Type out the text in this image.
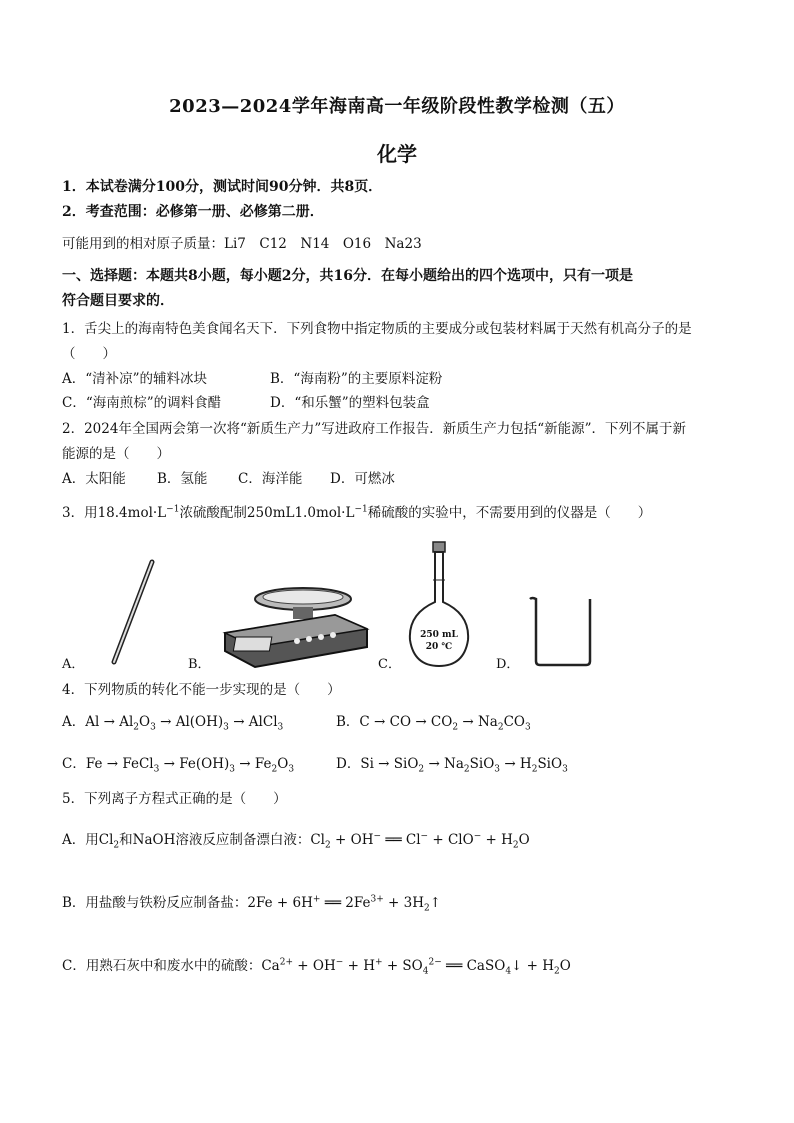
2023—2024学年海南高一年级阶段性教学检测（五）
化学
1．本试卷满分100分，测试时间90分钟．共8页．
2．考查范围：必修第一册、必修第二册．
可能用到的相对原子质量：Li7　C12　N14　O16　Na23
一、选择题：本题共8小题，每小题2分，共16分．在每小题给出的四个选项中，只有一项是
符合题目要求的．
1．舌尖上的海南特色美食闻名天下．下列食物中指定物质的主要成分或包装材料属于天然有机高分子的是
（　　）
A．“清补凉”的辅料冰块	B．“海南粉”的主要原料淀粉
C．“海南煎棕”的调料食醋	D．“和乐蟹”的塑料包装盒
2．2024年全国两会第一次将“新质生产力”写进政府工作报告．新质生产力包括“新能源”．下列不属于新
能源的是（　　）
A．太阳能 B．氢能 C．海洋能 D．可燃冰
3．用$18.4mol\cdot L^{-1}$浓硫酸配制$250mL1.0mol\cdot L^{-1}$稀硫酸的实验中，不需要用到的仪器是（　　）
A．	B．
250 mL
20 ℃
C．	D．
4．下列物质的转化不能一步实现的是（　　）
A．$Al \to Al_2O_3 \to Al(OH)_3$ → AlCl$_3$	B．C → CO → $CO_2 \to Na_2CO_3$
C．Fe → FeCl$_3$ → $Fe(OH)_3 \to Fe_2O_3$	D．$Si \to SiO_2 \to Na_2SiO_3 \to H_2SiO_3$
5．下列离子方程式正确的是（　　）
A．用$Cl_2$和NaOH溶液反应制备漂白液：$Cl_2 + OH^-$ ══ $Cl^- + ClO^- + H_2O$
B．用盐酸与铁粉反应制备盐：2Fe + 6H+ ══ $2Fe^{3+}$ + $3H_2↑$
C．用熟石灰中和废水中的硫酸：$Ca^{2+} + OH^- + H^+ + SO_4^{2-}$ ══ CaSO$_4$↓ + $H_2O$
